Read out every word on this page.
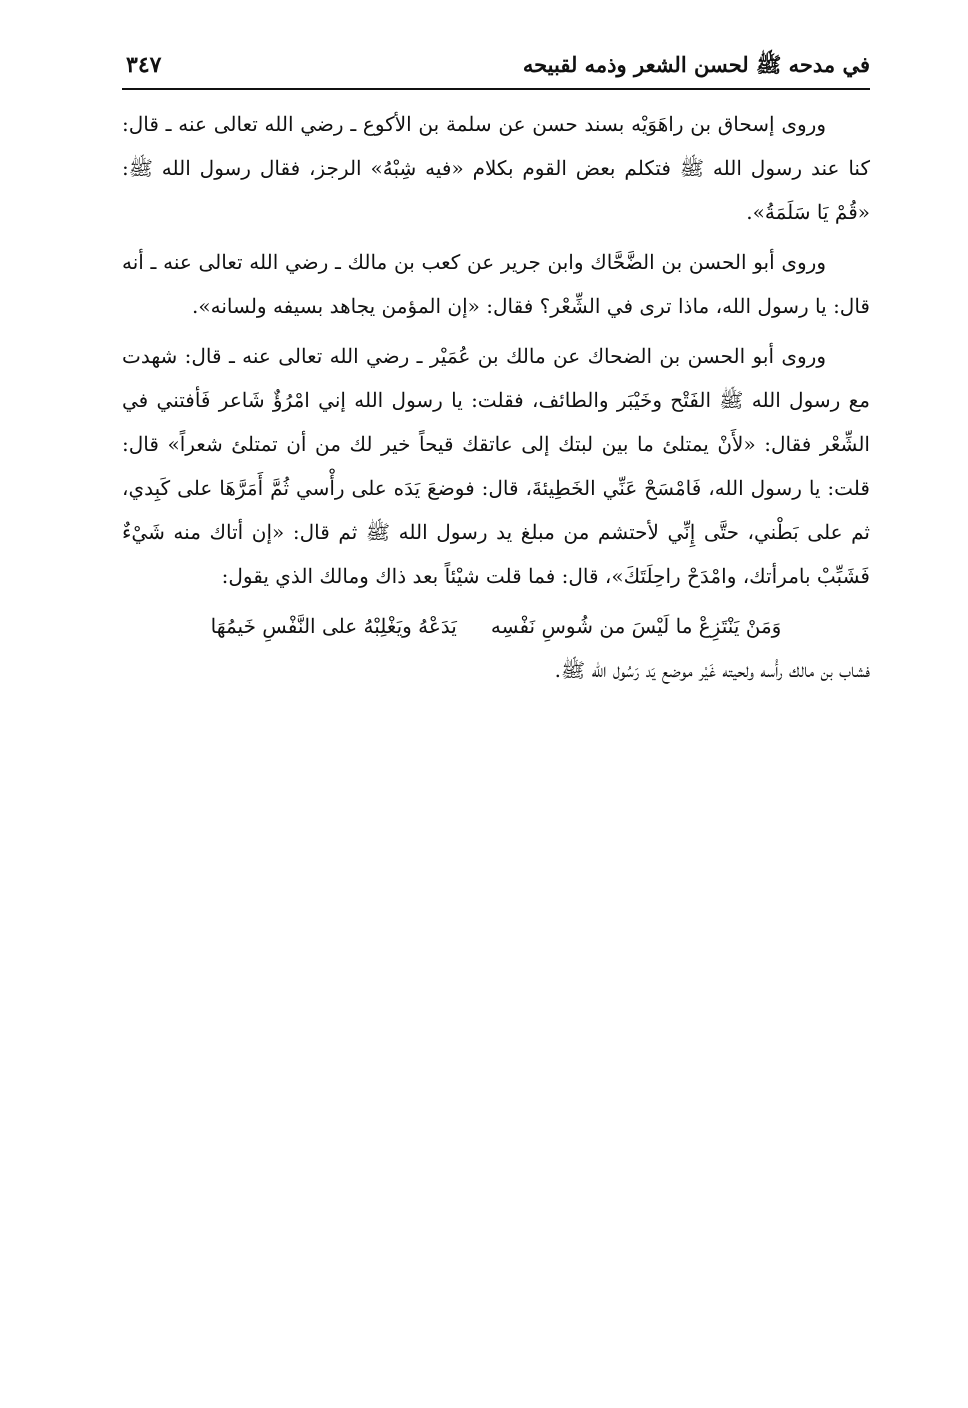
في مدحه ﷺ لحسن الشعر وذمه لقبيحه
٣٤٧

وروى إسحاق بن راهَوَيْه بسند حسن عن سلمة بن الأكوع ـ رضي الله تعالى عنه ـ قال: كنا عند رسول الله ﷺ فتكلم بعض القوم بكلام «فيه شِبْهُ» الرجز، فقال رسول الله ﷺ: «قُمْ يَا سَلَمَةُ».

وروى أبو الحسن بن الضَّحَّاك وابن جرير عن كعب بن مالك ـ رضي الله تعالى عنه ـ أنه قال: يا رسول الله، ماذا ترى في الشِّعْر؟ فقال: «إن المؤمن يجاهد بسيفه ولسانه».

وروى أبو الحسن بن الضحاك عن مالك بن عُمَيْر ـ رضي الله تعالى عنه ـ قال: شهدت مع رسول الله ﷺ الفَتْح وخَيْبَر والطائف، فقلت: يا رسول الله إني امْرُؤٌ شَاعر فَأفتني في الشِّعْر فقال: «لأَنْ يمتلئ ما بين لبتك إلى عاتقك قيحاً خير لك من أن تمتلئ شعراً» قال: قلت: يا رسول الله، فَامْسَحْ عَنِّي الخَطِيئةَ، قال: فوضعَ يَدَه على رأْسي ثُمَّ أَمَرَّهَا على كَبِدي، ثم على بَطْني، حتَّى إِنِّي لأحتشم من مبلغ يد رسول الله ﷺ ثم قال: «إن أتاك منه شَيْءٌ فَشَبِّبْ بامرأتك، وامْدَحْ راحِلَتَكَ»، قال: فما قلت شيْئاً بعد ذاك ومالك الذي يقول:

وَمَنْ يَنْتَزِعْ ما لَيْسَ من شُوسِ نَفْسِه
يَدَعْهُ ويَغْلِبْهُ على النَّفْسِ خَيمُهَا

فشاب بن مالك رأْسه ولحيته غَيْر موضع يَد رَسُول الله ﷺ.
